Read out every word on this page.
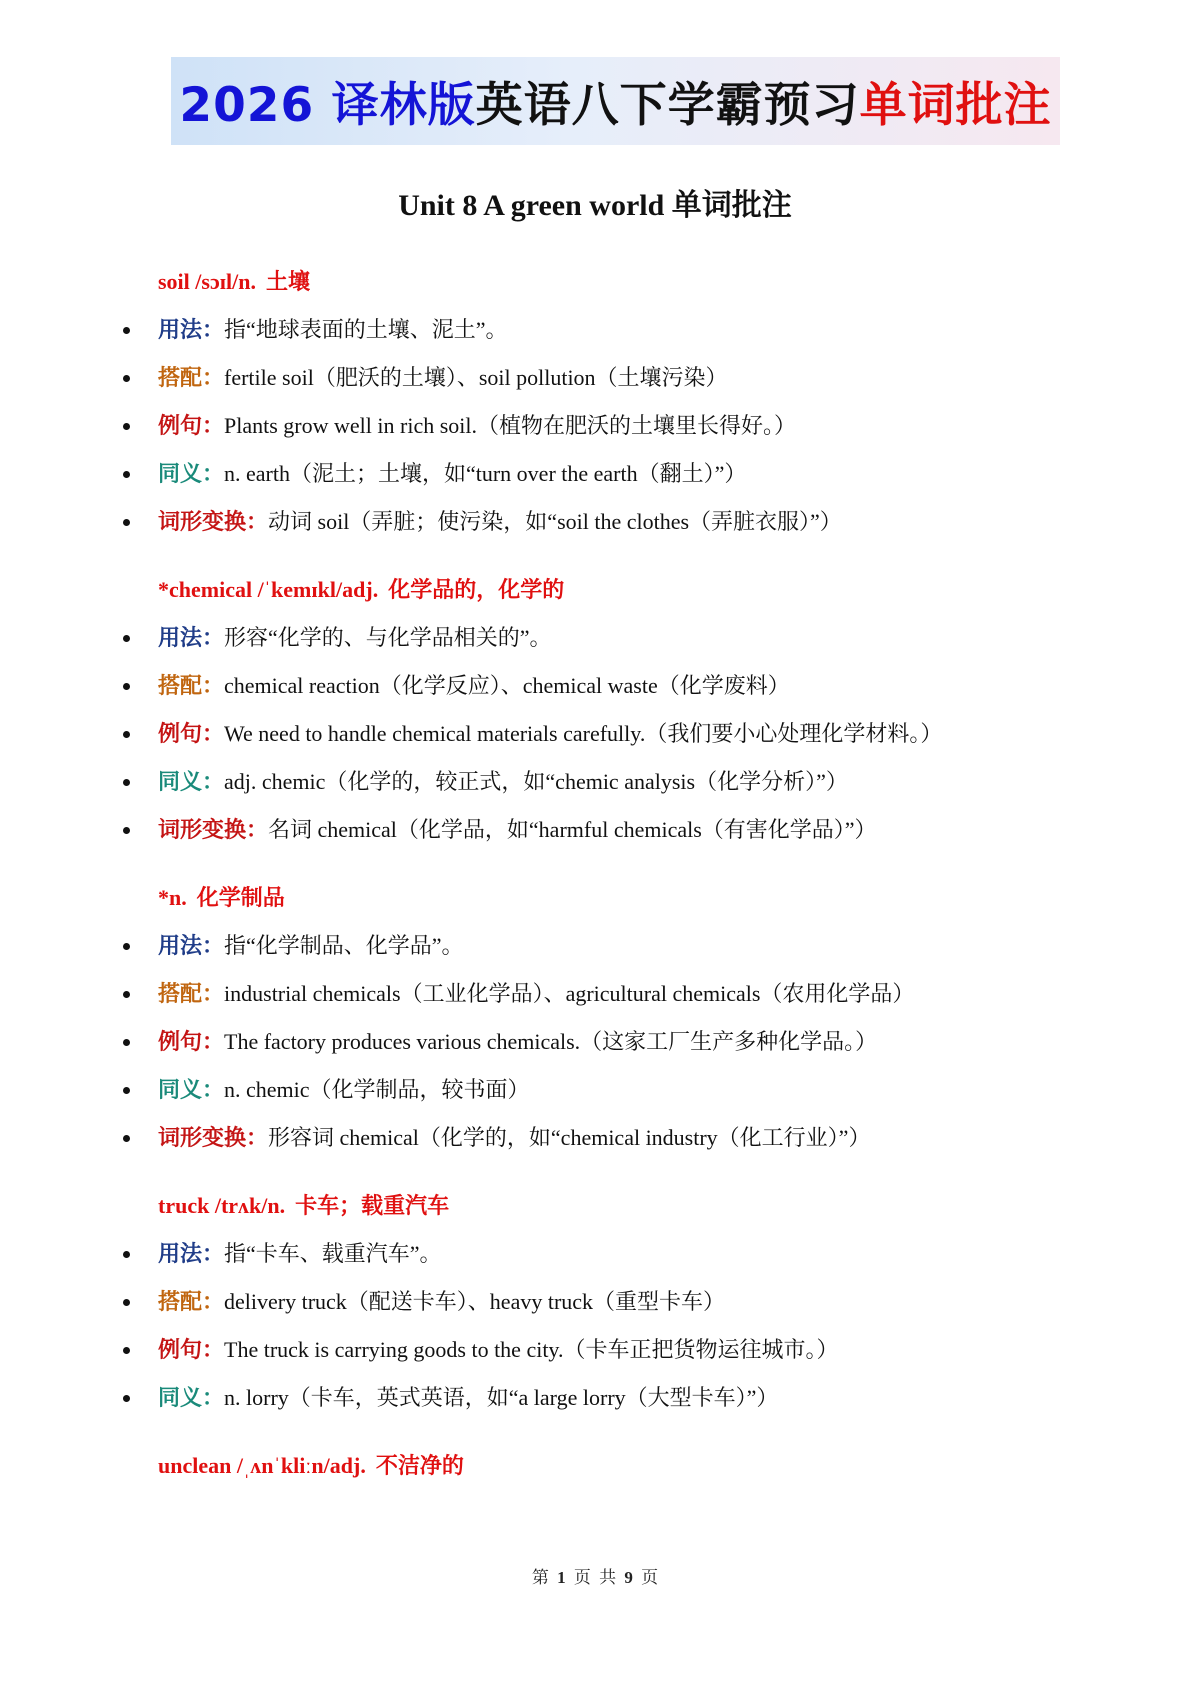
2026 译林版 英语八下学霸预习 单词批注
Unit 8 A green world 单词批注
soil /sɔɪl/n. 土壤
用法：指“地球表面的土壤、泥土”。
搭配：fertile soil（肥沃的土壤）、soil pollution（土壤污染）
例句：Plants grow well in rich soil.（植物在肥沃的土壤里长得好。）
同义：n. earth（泥土；土壤，如“turn over the earth（翻土）”）
词形变换：动词 soil（弄脏；使污染，如“soil the clothes（弄脏衣服）”）
*chemical /ˈkemɪkl/adj. 化学品的，化学的
用法：形容“化学的、与化学品相关的”。
搭配：chemical reaction（化学反应）、chemical waste（化学废料）
例句：We need to handle chemical materials carefully.（我们要小心处理化学材料。）
同义：adj. chemic（化学的，较正式，如“chemic analysis（化学分析）”）
词形变换：名词 chemical（化学品，如“harmful chemicals（有害化学品）”）
*n. 化学制品
用法：指“化学制品、化学品”。
搭配：industrial chemicals（工业化学品）、agricultural chemicals（农用化学品）
例句：The factory produces various chemicals.（这家工厂生产多种化学品。）
同义：n. chemic（化学制品，较书面）
词形变换：形容词 chemical（化学的，如“chemical industry（化工行业）”）
truck /trʌk/n. 卡车；载重汽车
用法：指“卡车、载重汽车”。
搭配：delivery truck（配送卡车）、heavy truck（重型卡车）
例句：The truck is carrying goods to the city.（卡车正把货物运往城市。）
同义：n. lorry（卡车，英式英语，如“a large lorry（大型卡车）”）
unclean /ˌʌnˈkliːn/adj. 不洁净的
第 1 页 共 9 页
